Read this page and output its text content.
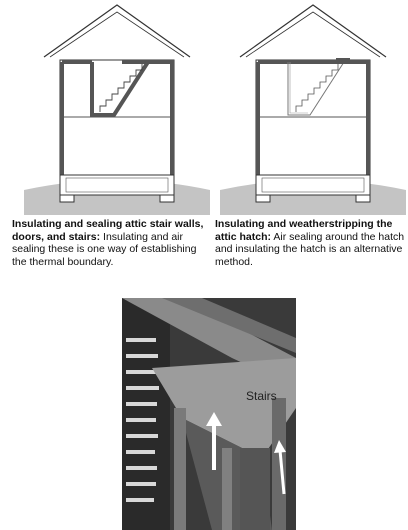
Insulating and sealing attic stair walls, doors, and stairs: Insulating and air sealing these is one way of establishing the thermal boundary.
Insulating and weatherstripping the attic hatch: Air sealing around the hatch and insulating the hatch is an alternative method.
Stairs
